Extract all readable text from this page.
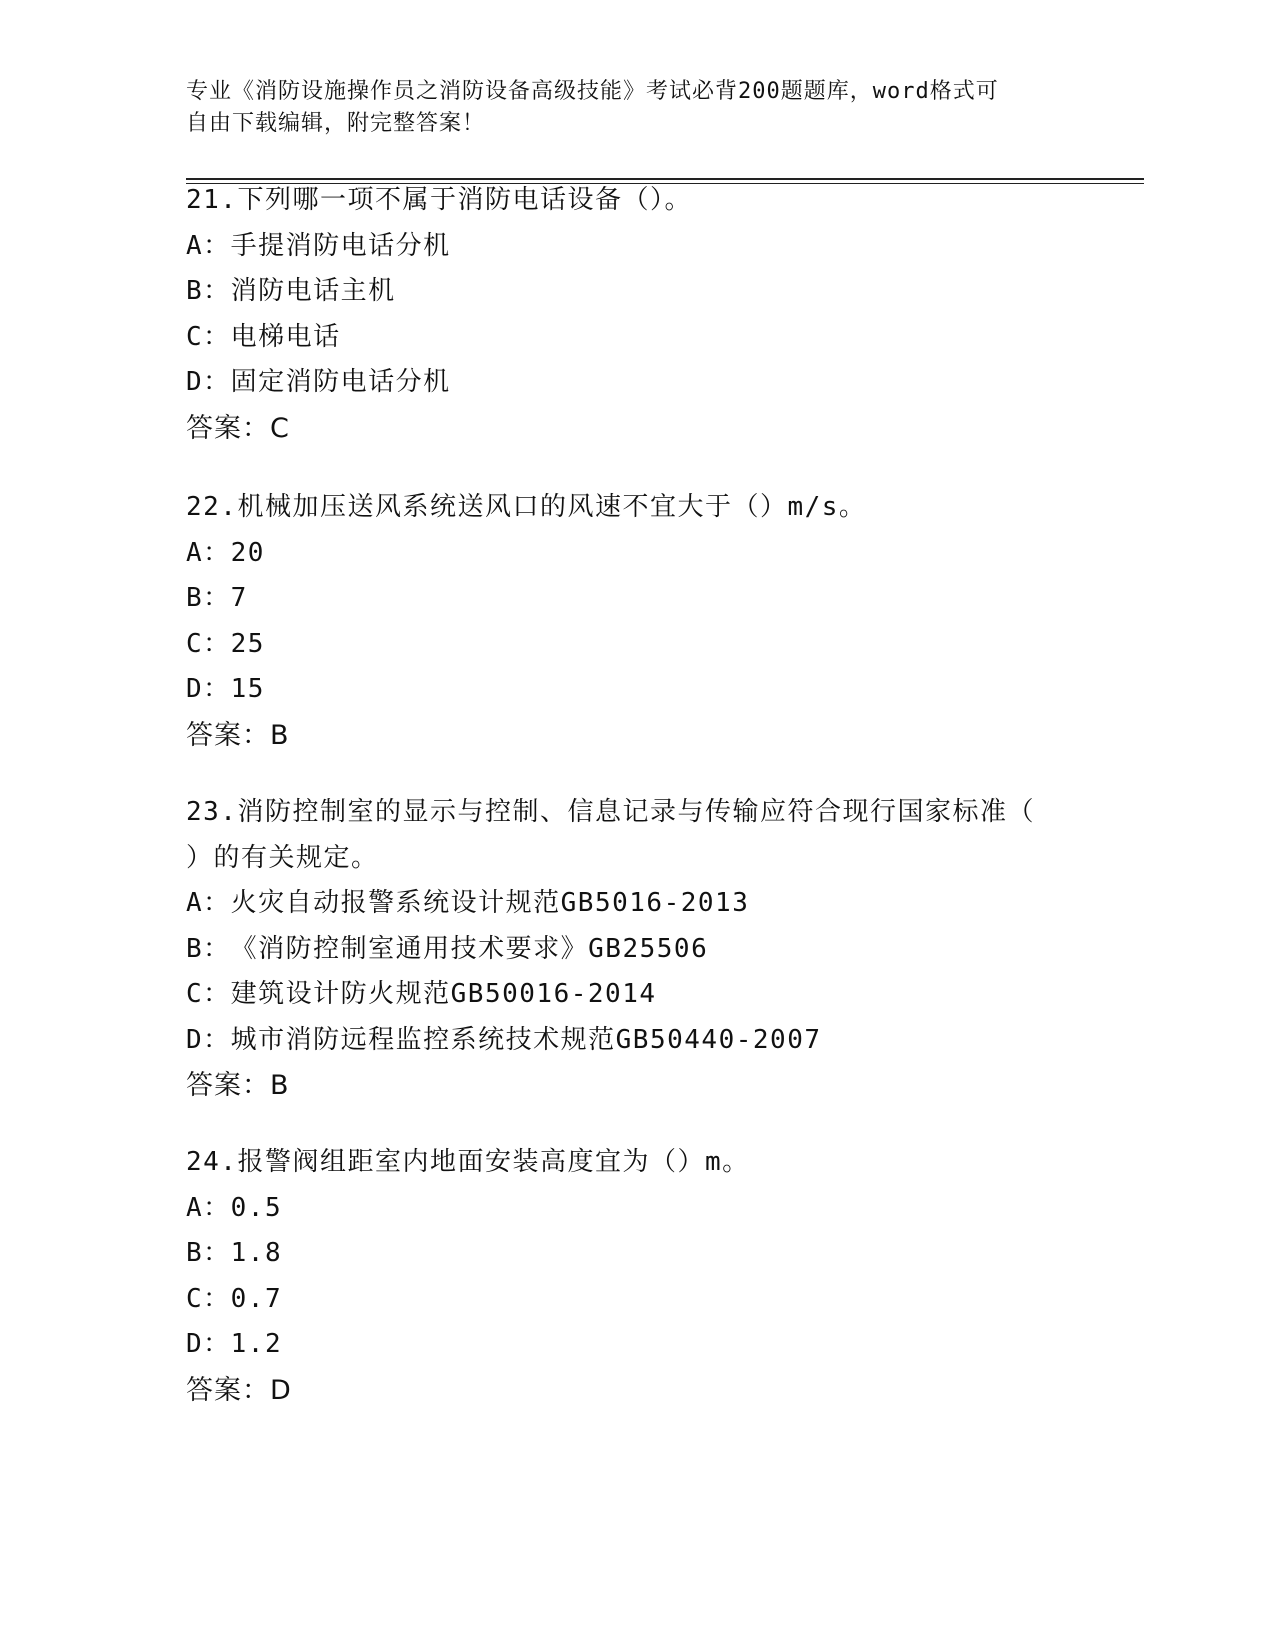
专业《消防设施操作员之消防设备高级技能》考试必背200题题库，word格式可
自由下载编辑，附完整答案！
21.下列哪一项不属于消防电话设备（）。
A：手提消防电话分机
B：消防电话主机
C：电梯电话
D：固定消防电话分机
答案：C
22.机械加压送风系统送风口的风速不宜大于（）m/s。
A：20
B：7
C：25
D：15
答案：B
23.消防控制室的显示与控制、信息记录与传输应符合现行国家标准（
）的有关规定。
A：火灾自动报警系统设计规范GB5016-2013
B：《消防控制室通用技术要求》GB25506
C：建筑设计防火规范GB50016-2014
D：城市消防远程监控系统技术规范GB50440-2007
答案：B
24.报警阀组距室内地面安装高度宜为（）m。
A：0.5
B：1.8
C：0.7
D：1.2
答案：D
